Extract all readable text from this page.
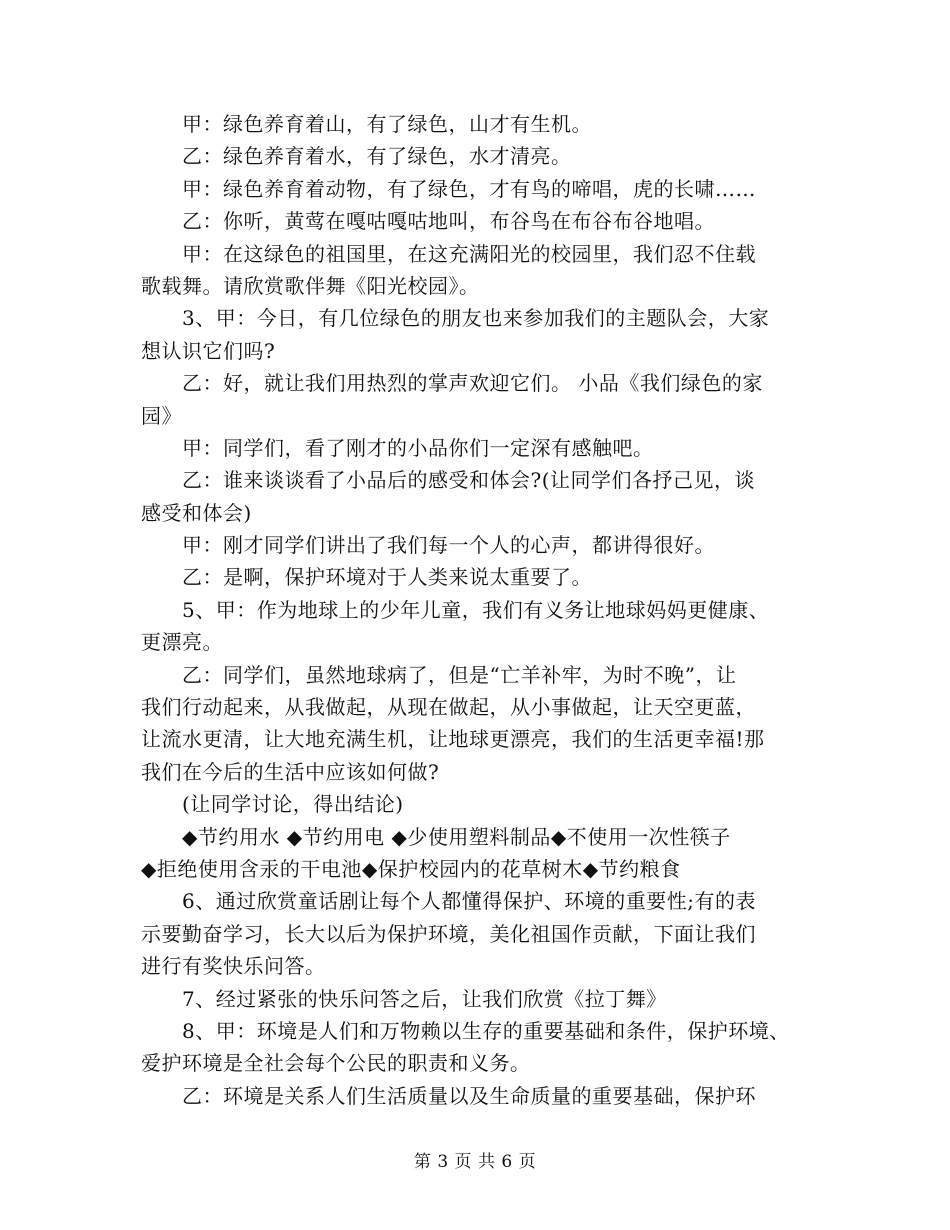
　　甲：绿色养育着山，有了绿色，山才有生机。
　　乙：绿色养育着水，有了绿色，水才清亮。
　　甲：绿色养育着动物，有了绿色，才有鸟的啼唱，虎的长啸……
　　乙：你听，黄莺在嘎咕嘎咕地叫，布谷鸟在布谷布谷地唱。
　　甲：在这绿色的祖国里，在这充满阳光的校园里，我们忍不住载
歌载舞。请欣赏歌伴舞《阳光校园》。
　　3、甲：今日，有几位绿色的朋友也来参加我们的主题队会，大家
想认识它们吗?
　　乙：好，就让我们用热烈的掌声欢迎它们。 小品《我们绿色的家
园》
　　甲：同学们，看了刚才的小品你们一定深有感触吧。
　　乙：谁来谈谈看了小品后的感受和体会?(让同学们各抒己见，谈
感受和体会)
　　甲：刚才同学们讲出了我们每一个人的心声，都讲得很好。
　　乙：是啊，保护环境对于人类来说太重要了。
　　5、甲：作为地球上的少年儿童，我们有义务让地球妈妈更健康、
更漂亮。
　　乙：同学们，虽然地球病了，但是“亡羊补牢，为时不晚”，让
我们行动起来，从我做起，从现在做起，从小事做起，让天空更蓝，
让流水更清，让大地充满生机，让地球更漂亮，我们的生活更幸福!那
我们在今后的生活中应该如何做?
　　(让同学讨论，得出结论)
　　◆节约用水 ◆节约用电 ◆少使用塑料制品◆不使用一次性筷子
◆拒绝使用含汞的干电池◆保护校园内的花草树木◆节约粮食
　　6、通过欣赏童话剧让每个人都懂得保护、环境的重要性;有的表
示要勤奋学习，长大以后为保护环境，美化祖国作贡献，下面让我们
进行有奖快乐问答。
　　7、经过紧张的快乐问答之后，让我们欣赏《拉丁舞》
　　8、甲：环境是人们和万物赖以生存的重要基础和条件，保护环境、
爱护环境是全社会每个公民的职责和义务。
　　乙：环境是关系人们生活质量以及生命质量的重要基础，保护环
第 3 页 共 6 页
